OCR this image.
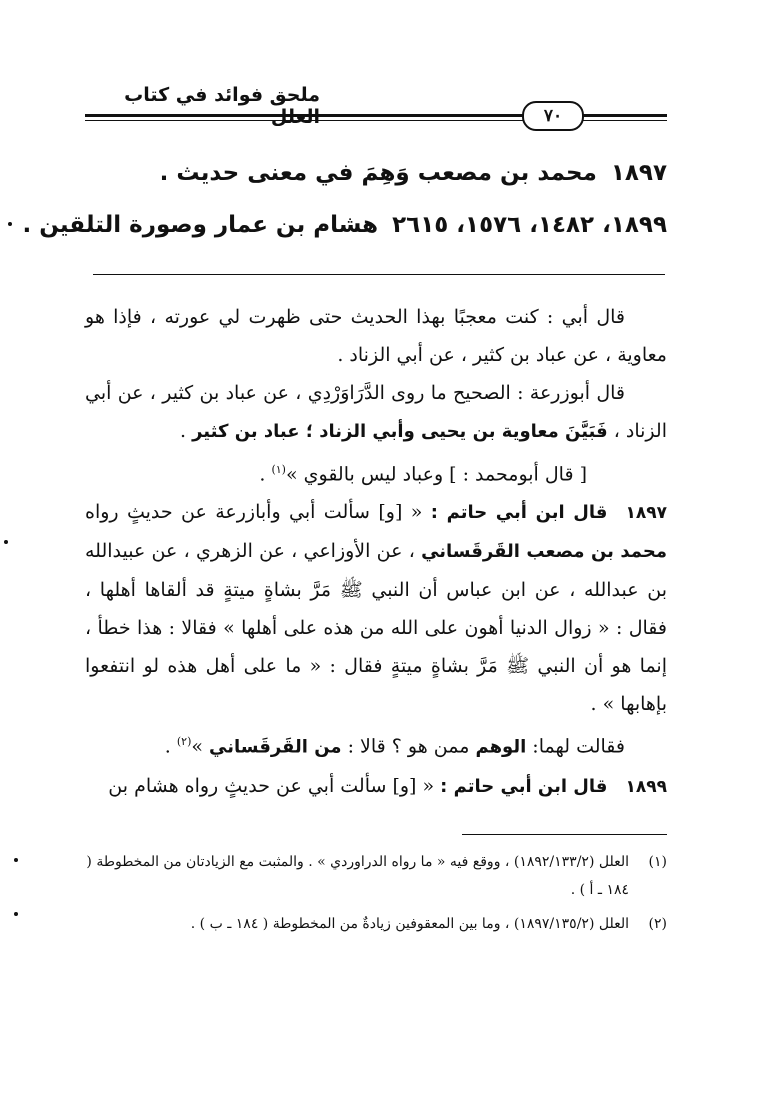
ملحق فوائد في كتاب العلل	٧٠
١٨٩٧محمد بن مصعب وَهِمَ في معنى حديث .
١٨٩٩، ١٤٨٢، ١٥٧٦، ٢٦١٥هشام بن عمار وصورة التلقين .

قال أبي : كنت معجبًا بهذا الحديث حتى ظهرت لي عورته ، فإذا هو معاوية ، عن عباد بن كثير ، عن أبي الزناد .

قال أبوزرعة : الصحيح ما روى الدَّرَاوَرْدِي ، عن عباد بن كثير ، عن أبي الزناد ، فَبَيَّنَ معاوية بن يحيى وأبي الزناد ؛ عباد بن كثير .

[ قال أبومحمد : ] وعباد ليس بالقوي »$^{(١)}$ .

١٨٩٧قال ابن أبي حاتم : « [و] سألت أبي وأبازرعة عن حديثٍ رواه محمد بن مصعب القَرقَساني ، عن الأوزاعي ، عن الزهري ، عن عبيدالله بن عبدالله ، عن ابن عباس أن النبي ﷺ مَرَّ بشاةٍ ميتةٍ قد ألقاها أهلها ، فقال : « زوال الدنيا أهون على الله من هذه على أهلها » فقالا : هذا خطأ ، إنما هو أن النبي ﷺ مَرَّ بشاةٍ ميتةٍ فقال : « ما على أهل هذه لو انتفعوا بإهابها » .

فقالت لهما: الوهم ممن هو ؟ قالا : من القَرقَساني »$^{(٢)}$ .

١٨٩٩قال ابن أبي حاتم : « [و] سألت أبي عن حديثٍ رواه هشام بن

(١)
العلل (١٨٩٢/١٣٣/٢) ، ووقع فيه « ما رواه الدراوردي » . والمثبت مع الزيادتان من المخطوطة ( ١٨٤ ـ أ ) .

(٢)
العلل (١٨٩٧/١٣٥/٢) ، وما بين المعقوفين زيادةٌ من المخطوطة ( ١٨٤ ـ ب ) .
